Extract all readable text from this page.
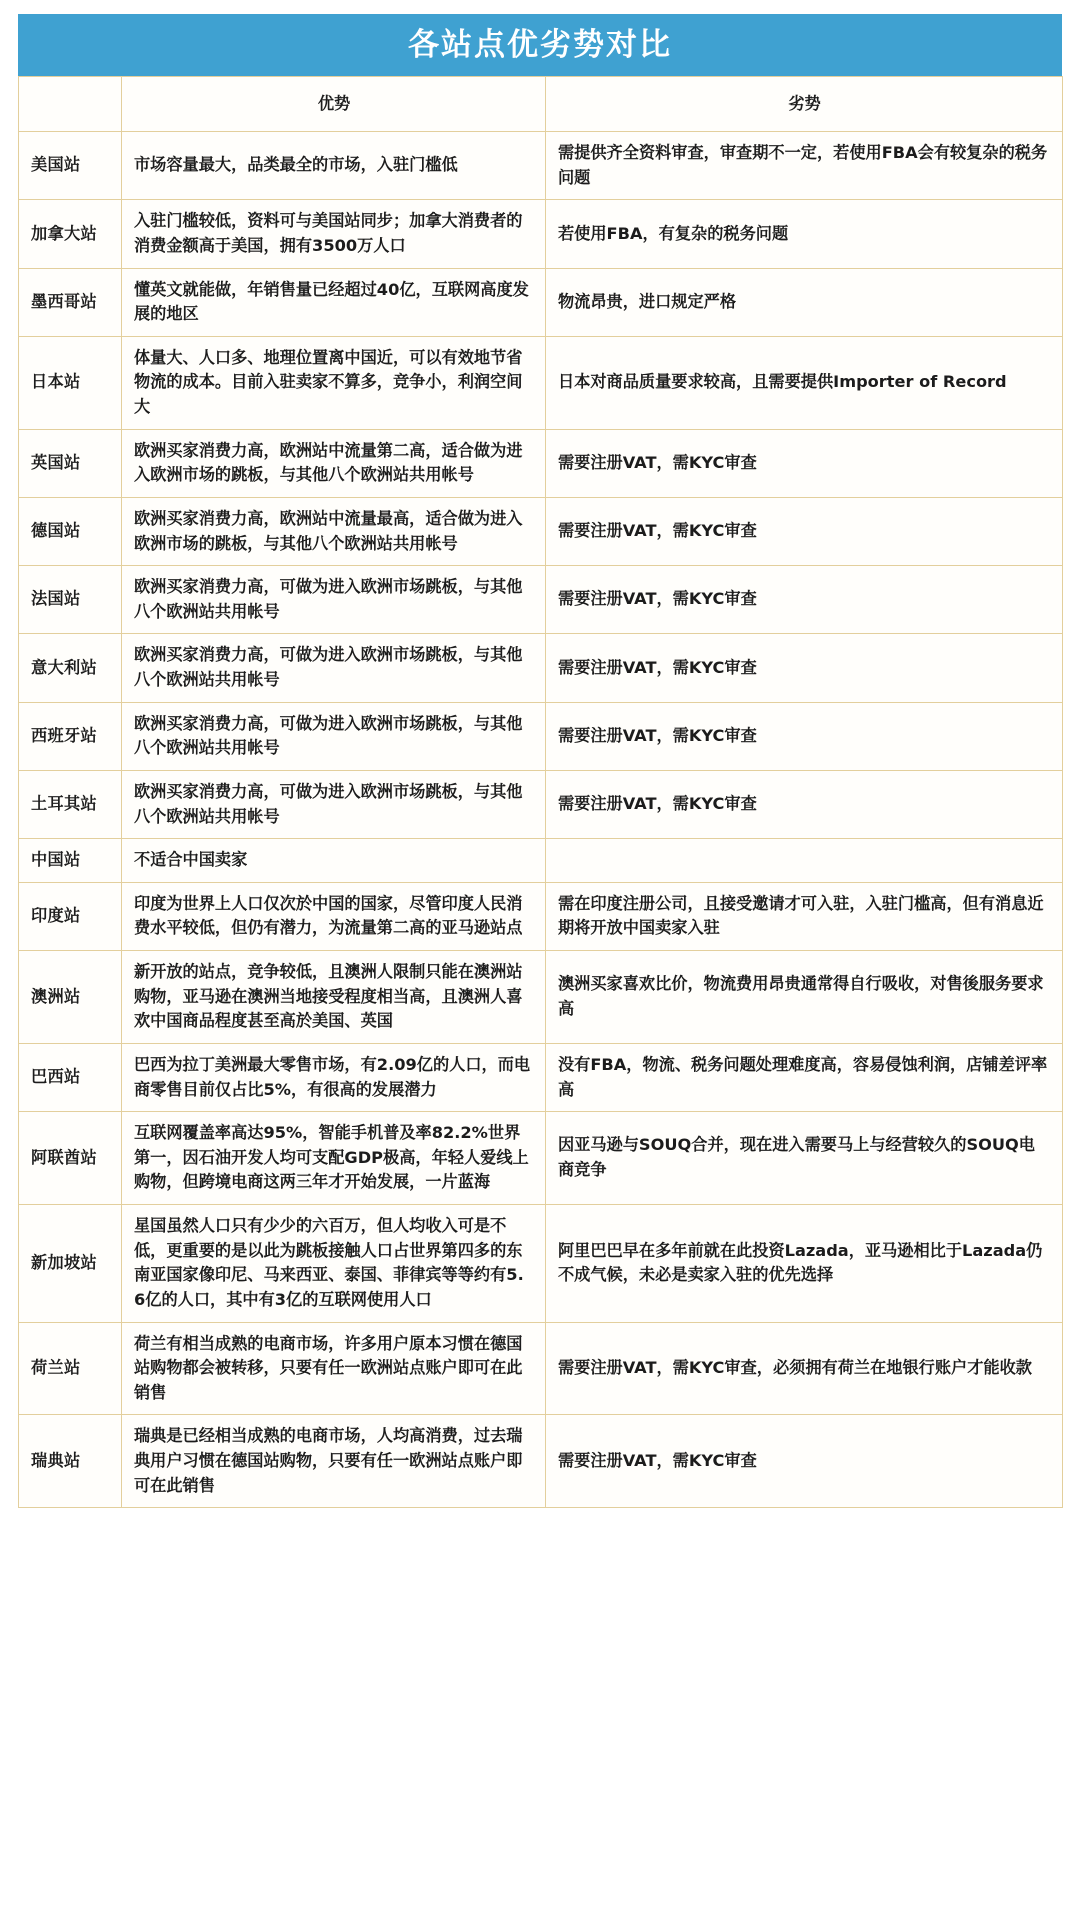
各站点优劣势对比
	优势	劣势
美国站	市场容量最大，品类最全的市场，入驻门槛低	需提供齐全资料审查，审查期不一定，若使用FBA会有较复杂的税务问题
加拿大站	入驻门槛较低，资料可与美国站同步；加拿大消费者的消费金额高于美国，拥有3500万人口	若使用FBA，有复杂的税务问题
墨西哥站	懂英文就能做，年销售量已经超过40亿，互联网高度发展的地区	物流昂贵，进口规定严格
日本站	体量大、人口多、地理位置离中国近，可以有效地节省物流的成本。目前入驻卖家不算多，竞争小，利润空间大	日本对商品质量要求较高，且需要提供Importer of Record
英国站	欧洲买家消费力高，欧洲站中流量第二高，适合做为进入欧洲市场的跳板，与其他八个欧洲站共用帐号	需要注册VAT，需KYC审查
德国站	欧洲买家消费力高，欧洲站中流量最高，适合做为进入欧洲市场的跳板，与其他八个欧洲站共用帐号	需要注册VAT，需KYC审查
法国站	欧洲买家消费力高，可做为进入欧洲市场跳板，与其他八个欧洲站共用帐号	需要注册VAT，需KYC审查
意大利站	欧洲买家消费力高，可做为进入欧洲市场跳板，与其他八个欧洲站共用帐号	需要注册VAT，需KYC审查
西班牙站	欧洲买家消费力高，可做为进入欧洲市场跳板，与其他八个欧洲站共用帐号	需要注册VAT，需KYC审查
土耳其站	欧洲买家消费力高，可做为进入欧洲市场跳板，与其他八个欧洲站共用帐号	需要注册VAT，需KYC审查
中国站	不适合中国卖家	
印度站	印度为世界上人口仅次於中国的国家，尽管印度人民消费水平较低，但仍有潜力，为流量第二高的亚马逊站点	需在印度注册公司，且接受邀请才可入驻，入驻门槛高，但有消息近期将开放中国卖家入驻
澳洲站	新开放的站点，竞争较低，且澳洲人限制只能在澳洲站购物，亚马逊在澳洲当地接受程度相当高，且澳洲人喜欢中国商品程度甚至高於美国、英国	澳洲买家喜欢比价，物流费用昂贵通常得自行吸收，对售後服务要求高
巴西站	巴西为拉丁美洲最大零售市场，有2.09亿的人口，而电商零售目前仅占比5%，有很高的发展潜力	没有FBA，物流、税务问题处理难度高，容易侵蚀利润，店铺差评率高
阿联酋站	互联网覆盖率高达95%，智能手机普及率82.2%世界第一，因石油开发人均可支配GDP极高，年轻人爱线上购物，但跨境电商这两三年才开始发展，一片蓝海	因亚马逊与SOUQ合并，现在进入需要马上与经营较久的SOUQ电商竞争
新加坡站	星国虽然人口只有少少的六百万，但人均收入可是不低，更重要的是以此为跳板接触人口占世界第四多的东南亚国家像印尼、马来西亚、泰国、菲律宾等等约有5.6亿的人口，其中有3亿的互联网使用人口	阿里巴巴早在多年前就在此投资Lazada，亚马逊相比于Lazada仍不成气候，未必是卖家入驻的优先选择
荷兰站	荷兰有相当成熟的电商市场，许多用户原本习惯在德国站购物都会被转移，只要有任一欧洲站点账户即可在此销售	需要注册VAT，需KYC审查，必须拥有荷兰在地银行账户才能收款
瑞典站	瑞典是已经相当成熟的电商市场，人均高消费，过去瑞典用户习惯在德国站购物，只要有任一欧洲站点账户即可在此销售	需要注册VAT，需KYC审查
